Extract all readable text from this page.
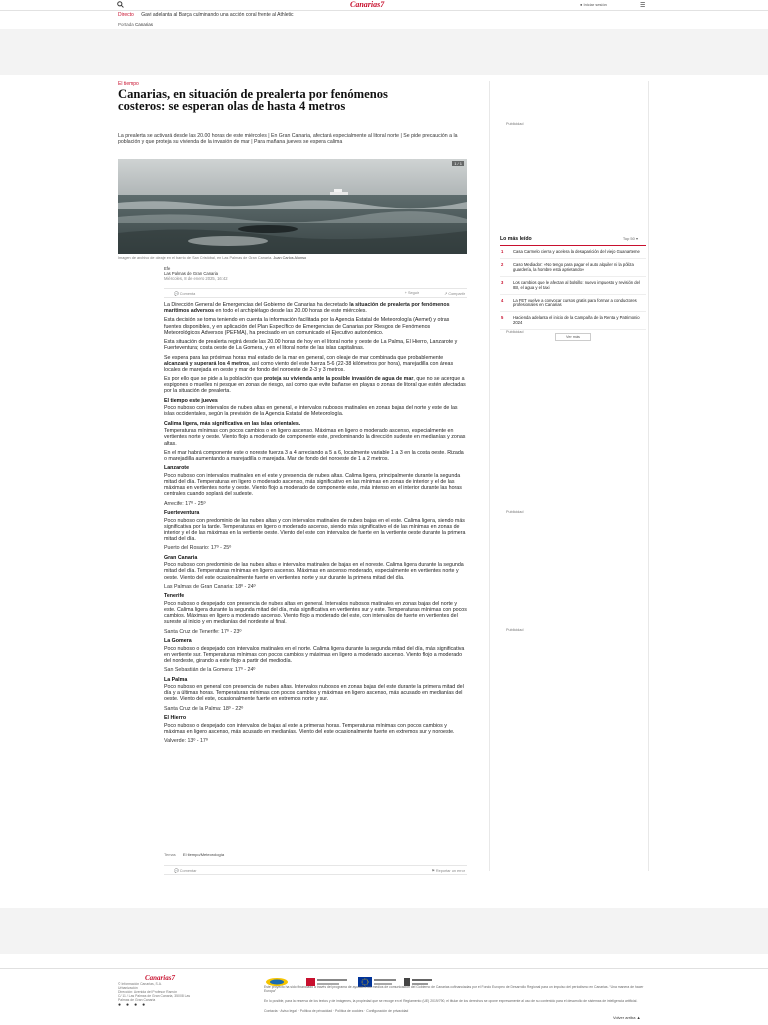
Canarias7	● Iniciar sesión	☰
Directo Gavi adelanta al Barça culminando una acción coral frente al Athletic
Portada Canarias
El tiempo
Canarias, en situación de prealerta por fenómenos costeros: se esperan olas de hasta 4 metros

La prealerta se activará desde las 20.00 horas de este miércoles | En Gran Canaria, afectará especialmente al litoral norte | Se pide precaución a la población y que proteja su vivienda de la invasión de mar | Para mañana jueves se espera calima

1 / 1
Imagen de archivo de oleaje en el barrio de San Cristóbal, en Las Palmas de Gran Canaria. Juan Carlos Alonso
Efe
Las Palmas de Gran Canaria
Miércoles, 8 de enero 2025, 16:42
💬 Comenta	+ Seguir	↗ Compartir

La Dirección General de Emergencias del Gobierno de Canarias ha decretado la situación de prealerta por fenómenos marítimos adversos en todo el archipiélago desde las 20.00 horas de este miércoles.

Esta decisión se toma teniendo en cuenta la información facilitada por la Agencia Estatal de Meteorología (Aemet) y otras fuentes disponibles, y en aplicación del Plan Específico de Emergencias de Canarias por Riesgos de Fenómenos Meteorológicos Adversos (PEFMA), ha precisado en un comunicado el Ejecutivo autonómico.

Esta situación de prealerta regirá desde las 20.00 horas de hoy en el litoral norte y oeste de La Palma, El Hierro, Lanzarote y Fuerteventura; costa oeste de La Gomera, y en el litoral norte de las islas capitalinas.

Se espera para las próximas horas mal estado de la mar en general, con oleaje de mar combinada que probablemente alcanzará y superará los 4 metros, así como viento del este fuerza 5-6 (22-38 kilómetros por hora), marejadilla con áreas locales de marejada en oeste y mar de fondo del noroeste de 2-3 y 3 metros.

Es por ello que se pide a la población que proteja su vivienda ante la posible invasión de agua de mar, que no se acerque a espigones o muelles ni pesque en zonas de riesgo, así como que evite bañarse en playas o zonas de litoral que estén afectadas por la situación de prealerta.

El tiempo este jueves

Poco nuboso con intervalos de nubes altas en general, e intervalos nubosos matinales en zonas bajas del norte y este de las islas occidentales, según la previsión de la Agencia Estatal de Meteorología.

Calima ligera, más significativa en las islas orientales.

Temperaturas mínimas con pocos cambios o en ligero ascenso. Máximas en ligero o moderado ascenso, especialmente en vertientes norte y oeste. Viento flojo a moderado de componente este, predominando la dirección sudeste en medianías y zonas altas.

En el mar habrá componente este o noreste fuerza 3 a 4 arreciando a 5 a 6, localmente variable 1 a 3 en la costa oeste. Rizada o marejadilla aumentando a marejadilla o marejada. Mar de fondo del noroeste de 1 a 2 metros.

Lanzarote

Poco nuboso con intervalos matinales en el este y presencia de nubes altas. Calima ligera, principalmente durante la segunda mitad del día. Temperaturas en ligero o moderado ascenso, más significativo en las mínimas en zonas de interior y el de las máximas en vertientes norte y oeste. Viento flojo a moderado de componente este, más intenso en el interior durante las horas centrales cuando soplará del sudeste.

Arrecife: 17º - 25º

Fuerteventura

Poco nuboso con predominio de las nubes altas y con intervalos matinales de nubes bajas en el este. Calima ligera, siendo más significativa por la tarde. Temperaturas en ligero o moderado ascenso, siendo más significativo el de las mínimas en zonas de interior y el de las máximas en la vertiente oeste. Viento del este con intervalos de fuerte en la vertiente oeste durante la primera mitad del día.

Puerto del Rosario: 17º - 25º

Gran Canaria

Poco nuboso con predominio de las nubes altas e intervalos matinales de bajas en el noreste. Calima ligera durante la segunda mitad del día. Temperaturas mínimas en ligero ascenso. Máximas en ascenso moderado, especialmente en vertientes norte y oeste. Viento del este ocasionalmente fuerte en vertientes norte y sur durante la primera mitad del día.

Las Palmas de Gran Canaria: 18º - 24º

Tenerife

Poco nuboso o despejado con presencia de nubes altas en general. Intervalos nubosos matinales en zonas bajas del norte y este. Calima ligera durante la segunda mitad del día, más significativa en vertientes sur y este. Temperaturas mínimas con pocos cambios. Máximas en ligero a moderado ascenso. Viento flojo a moderado del este, con intervalos de fuerte en vertientes del sureste al inicio y en medianías del nordeste al final.

Santa Cruz de Tenerife: 17º - 23º

La Gomera

Poco nuboso o despejado con intervalos matinales en el norte. Calima ligera durante la segunda mitad del día, más significativa en vertiente sur. Temperaturas mínimas con pocos cambios y máximas en ligero a moderado ascenso. Viento flojo a moderado del nordeste, girando a este flojo a partir del mediodía.

San Sebastián de la Gomera: 17º - 24º

La Palma

Poco nuboso en general con presencia de nubes altas. Intervalos nubosos en zonas bajas del este durante la primera mitad del día y a últimas horas. Temperaturas mínimas con pocos cambios y máximas en ligero ascenso, más acusado en medianías del oeste. Viento del este, ocasionalmente fuerte en extremos norte y sur.

Santa Cruz de la Palma: 18º - 22º

El Hierro

Poco nuboso o despejado con intervalos de bajas al este a primeras horas. Temperaturas mínimas con pocos cambios y máximas en ligero ascenso, más acusado en medianías. Viento del este ocasionalmente fuerte en extremos sur y noroeste.

Valverde: 13º - 17º

Temas El tiempo/Meteorología
💬 Comentar	⚑ Reportar un error
Publicidad
Publicidad
Publicidad
Publicidad
Lo más leído	Top 50 ▾
1 Casa Carmelo cierra y acelera la desaparición del viejo Guanarteme
2 Caso Mediador: «No tengo para pagar el auto alquiler ni la póliza guardería, la hombre está aprietando»
3 Los cambios que le afectan al bolsillo: nuevo impuesto y revisión del IBI, el agua y el taxi
4 La FET vuelve a convocar cursos gratis para formar a conductores profesionales en Canarias
5 Hacienda adelanta el inicio de la Campaña de la Renta y Patrimonio 2024
Ver más
Canarias7
© Información Canarias, S.A.
Urbanización
Dirección: Avenida del Profesor Ramón
C/ 11 / Las Palmas de Gran Canaria, 35008 Las
Palmas de Gran Canaria
●●●●
Este proyecto ha sido financiado a través del programa de ayudas a los medios de comunicación del Gobierno de Canarias cofinanciadas por el Fondo Europeo de Desarrollo Regional para un impulso del periodismo en Canarias. “Una manera de hacer Europa”
En lo posible, para la reserva de los textos y de imágenes, la propiedad que se recoge en el Reglamento (UE) 2019/790, el titular de los derechos se opone expresamente al uso de su contenido para el desarrollo de sistemas de inteligencia artificial.
Contacta · Aviso legal · Política de privacidad · Política de cookies · Configuración de privacidad
Volver arriba ▲
